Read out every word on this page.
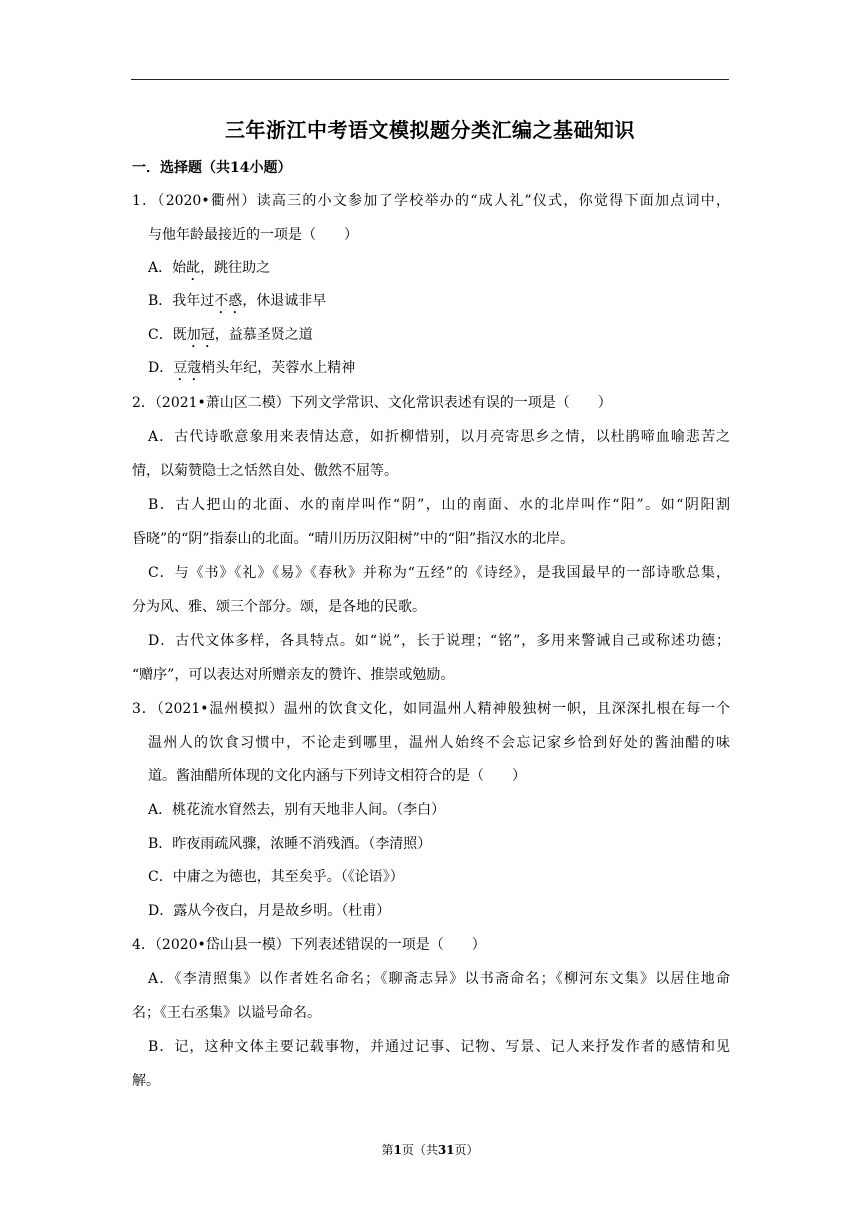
三年浙江中考语文模拟题分类汇编之基础知识
一．选择题（共14小题）
1．（2020•衢州）读高三的小文参加了学校举办的“成人礼”仪式，你觉得下面加点词中，
与他年龄最接近的一项是（　　）
A．始龀，跳往助之
B．我年过不惑，休退诚非早
C．既加冠，益慕圣贤之道
D．豆蔻梢头年纪，芙蓉水上精神
2．（2021•萧山区二模）下列文学常识、文化常识表述有误的一项是（　　）
A．古代诗歌意象用来表情达意，如折柳惜别，以月亮寄思乡之情，以杜鹃啼血喻悲苦之
情，以菊赞隐士之恬然自处、傲然不屈等。
B．古人把山的北面、水的南岸叫作“阴”，山的南面、水的北岸叫作“阳”。如“阴阳割
昏晓”的“阴”指泰山的北面。“晴川历历汉阳树”中的“阳”指汉水的北岸。
C．与《书》《礼》《易》《春秋》并称为“五经”的《诗经》，是我国最早的一部诗歌总集，
分为风、雅、颂三个部分。颂，是各地的民歌。
D．古代文体多样，各具特点。如“说”，长于说理；“铭”，多用来警诫自己或称述功德；
“赠序”，可以表达对所赠亲友的赞许、推崇或勉励。
3．（2021•温州模拟）温州的饮食文化，如同温州人精神般独树一帜，且深深扎根在每一个
温州人的饮食习惯中，不论走到哪里，温州人始终不会忘记家乡恰到好处的酱油醋的味
道。酱油醋所体现的文化内涵与下列诗文相符合的是（　　）
A．桃花流水窅然去，别有天地非人间。（李白）
B．昨夜雨疏风骤，浓睡不消残酒。（李清照）
C．中庸之为德也，其至矣乎。（《论语》）
D．露从今夜白，月是故乡明。（杜甫）
4．（2020•岱山县一模）下列表述错误的一项是（　　）
A．《李清照集》以作者姓名命名；《聊斋志异》以书斋命名；《柳河东文集》以居住地命
名；《王右丞集》以谥号命名。
B．记，这种文体主要记载事物，并通过记事、记物、写景、记人来抒发作者的感情和见
解。
第1页（共31页）
